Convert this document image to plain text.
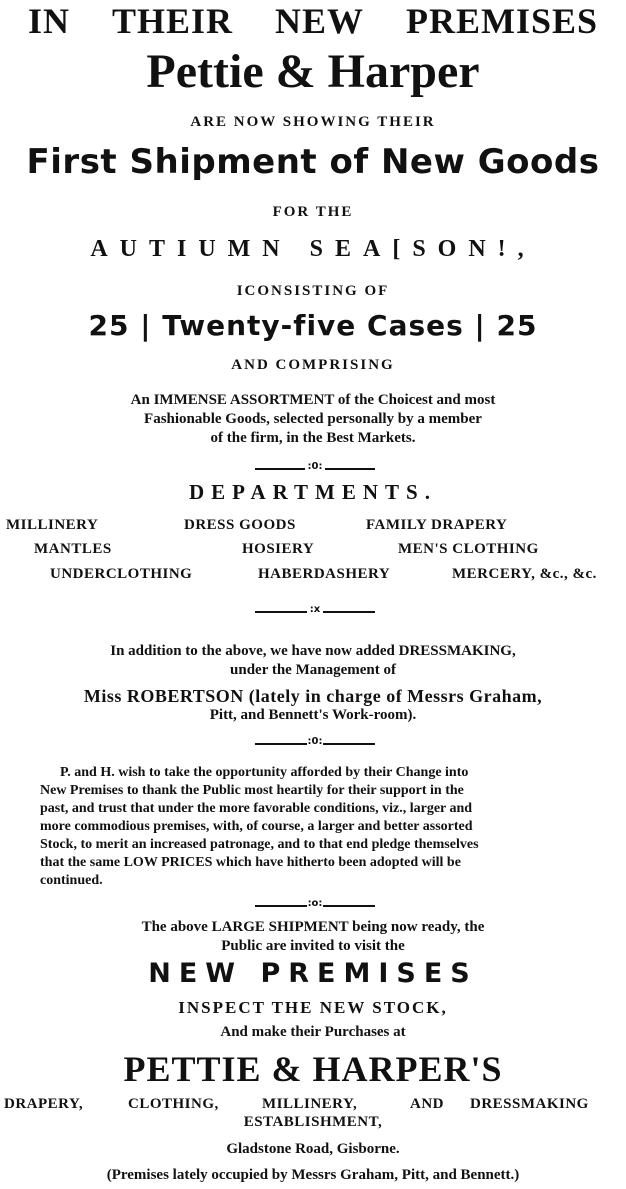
IN THEIR NEW PREMISES
Pettie & Harper
ARE NOW SHOWING THEIR
First Shipment of New Goods
FOR THE
AUTIUMN SEA[SON!,
ICONSISTING OF
25 | Twenty-five Cases | 25
AND COMPRISING
An IMMENSE ASSORTMENT of the Choicest and most
Fashionable Goods, selected personally by a member
of the firm, in the Best Markets.
:0:
DEPARTMENTS.
MILLINERY	DRESS GOODS	FAMILY DRAPERY
MANTLES	HOSIERY	MEN'S CLOTHING
UNDERCLOTHING	HABERDASHERY	MERCERY, &c., &c.
:x
In addition to the above, we have now added DRESSMAKING,
under the Management of
Miss ROBERTSON (lately in charge of Messrs Graham,
Pitt, and Bennett's Work-room).
:0:
P. and H. wish to take the opportunity afforded by their Change into
New Premises to thank the Public most heartily for their support in the
past, and trust that under the more favorable conditions, viz., larger and
more commodious premises, with, of course, a larger and better assorted
Stock, to merit an increased patronage, and to that end pledge themselves
that the same LOW PRICES which have hitherto been adopted will be
continued.
:o:
The above LARGE SHIPMENT being now ready, the
Public are invited to visit the
NEW PREMISES
INSPECT THE NEW STOCK,
And make their Purchases at
PETTIE & HARPER'S
DRAPERY,	CLOTHING,	MILLINERY,	AND DRESSMAKING
ESTABLISHMENT,
Gladstone Road, Gisborne.
(Premises lately occupied by Messrs Graham, Pitt, and Bennett.)
